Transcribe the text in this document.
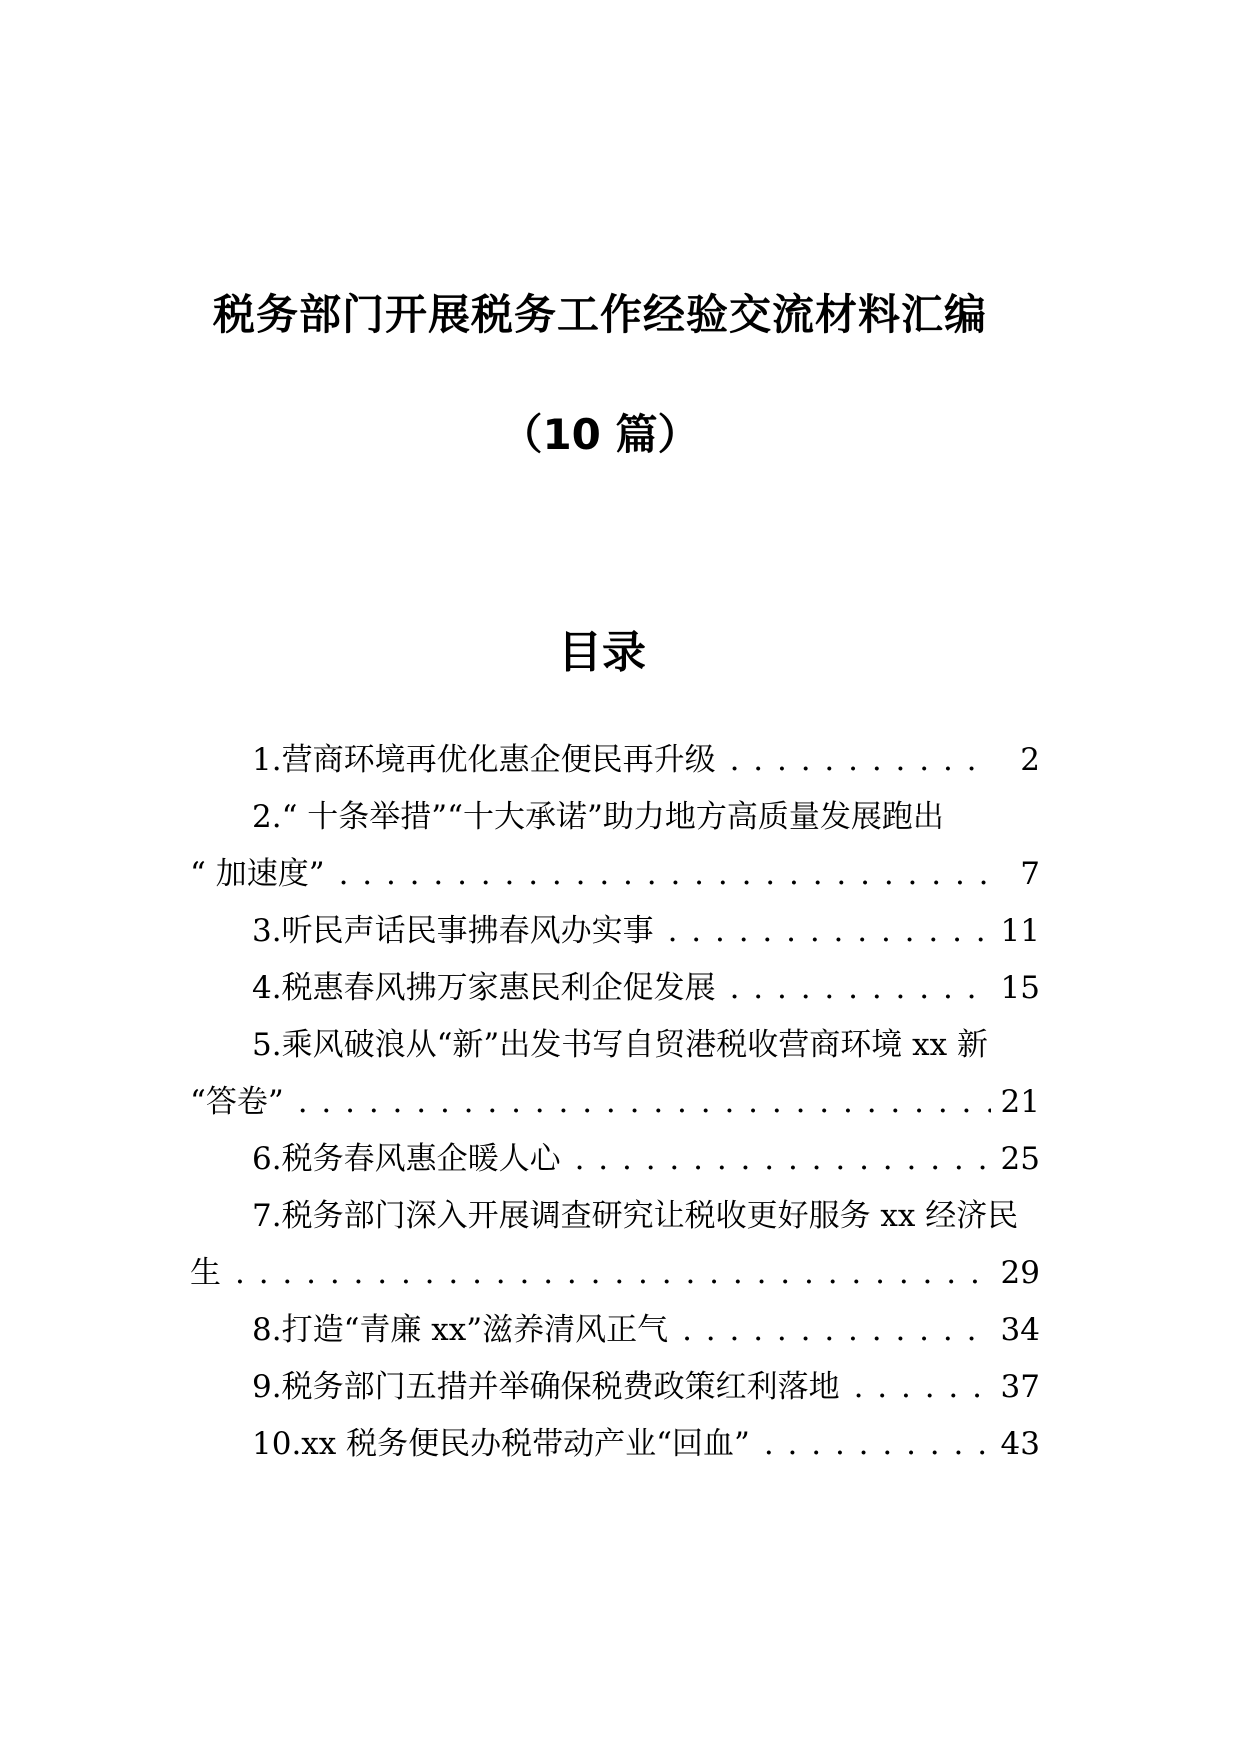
税务部门开展税务工作经验交流材料汇编
（10 篇）
目录
1.营商环境再优化惠企便民再升级 . . .	2
2.“ 十条举措”“十大承诺”助力地方高质量发展跑出
“ 加速度” . . .	7
3.听民声话民事拂春风办实事 . . .	11
4.税惠春风拂万家惠民利企促发展 . . .	15
5.乘风破浪从“新”出发书写自贸港税收营商环境 xx 新
“答卷” . . .	21
6.税务春风惠企暖人心 . . .	25
7.税务部门深入开展调查研究让税收更好服务 xx 经济民
生 . . .	29
8.打造“青廉 xx”滋养清风正气 . . .	34
9.税务部门五措并举确保税费政策红利落地 . . .	37
10.xx 税务便民办税带动产业“回血” . . .	43
